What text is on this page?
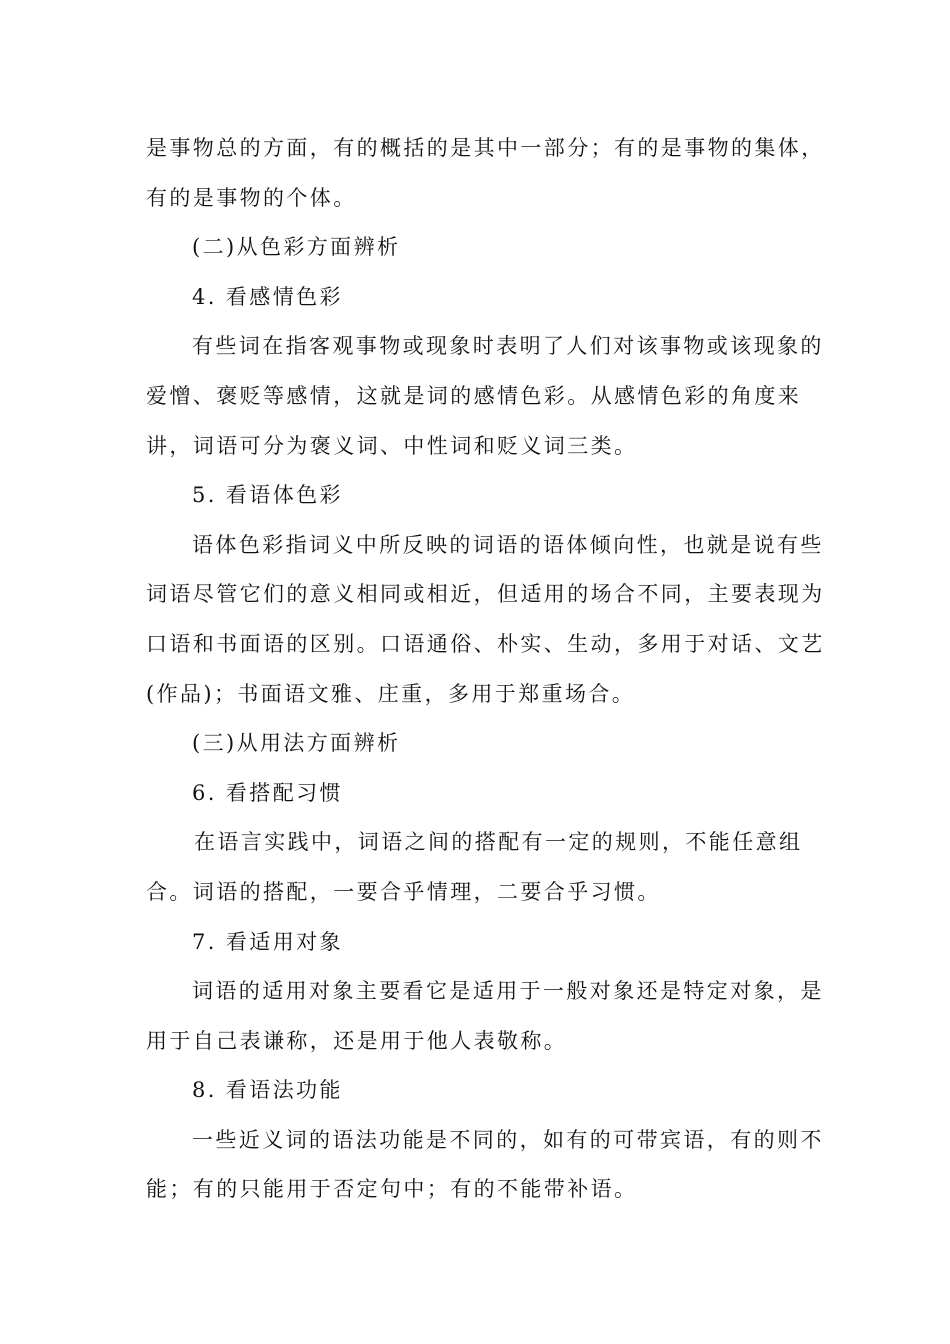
是事物总的方面，有的概括的是其中一部分；有的是事物的集体，
有的是事物的个体。
(二)从色彩方面辨析
4. 看感情色彩
有些词在指客观事物或现象时表明了人们对该事物或该现象的
爱憎、褒贬等感情，这就是词的感情色彩。从感情色彩的角度来
讲，词语可分为褒义词、中性词和贬义词三类。
5. 看语体色彩
语体色彩指词义中所反映的词语的语体倾向性，也就是说有些
词语尽管它们的意义相同或相近，但适用的场合不同，主要表现为
口语和书面语的区别。口语通俗、朴实、生动，多用于对话、文艺
(作品)；书面语文雅、庄重，多用于郑重场合。
(三)从用法方面辨析
6. 看搭配习惯
在语言实践中，词语之间的搭配有一定的规则，不能任意组
合。词语的搭配，一要合乎情理，二要合乎习惯。
7. 看适用对象
词语的适用对象主要看它是适用于一般对象还是特定对象，是
用于自己表谦称，还是用于他人表敬称。
8. 看语法功能
一些近义词的语法功能是不同的，如有的可带宾语，有的则不
能；有的只能用于否定句中；有的不能带补语。
